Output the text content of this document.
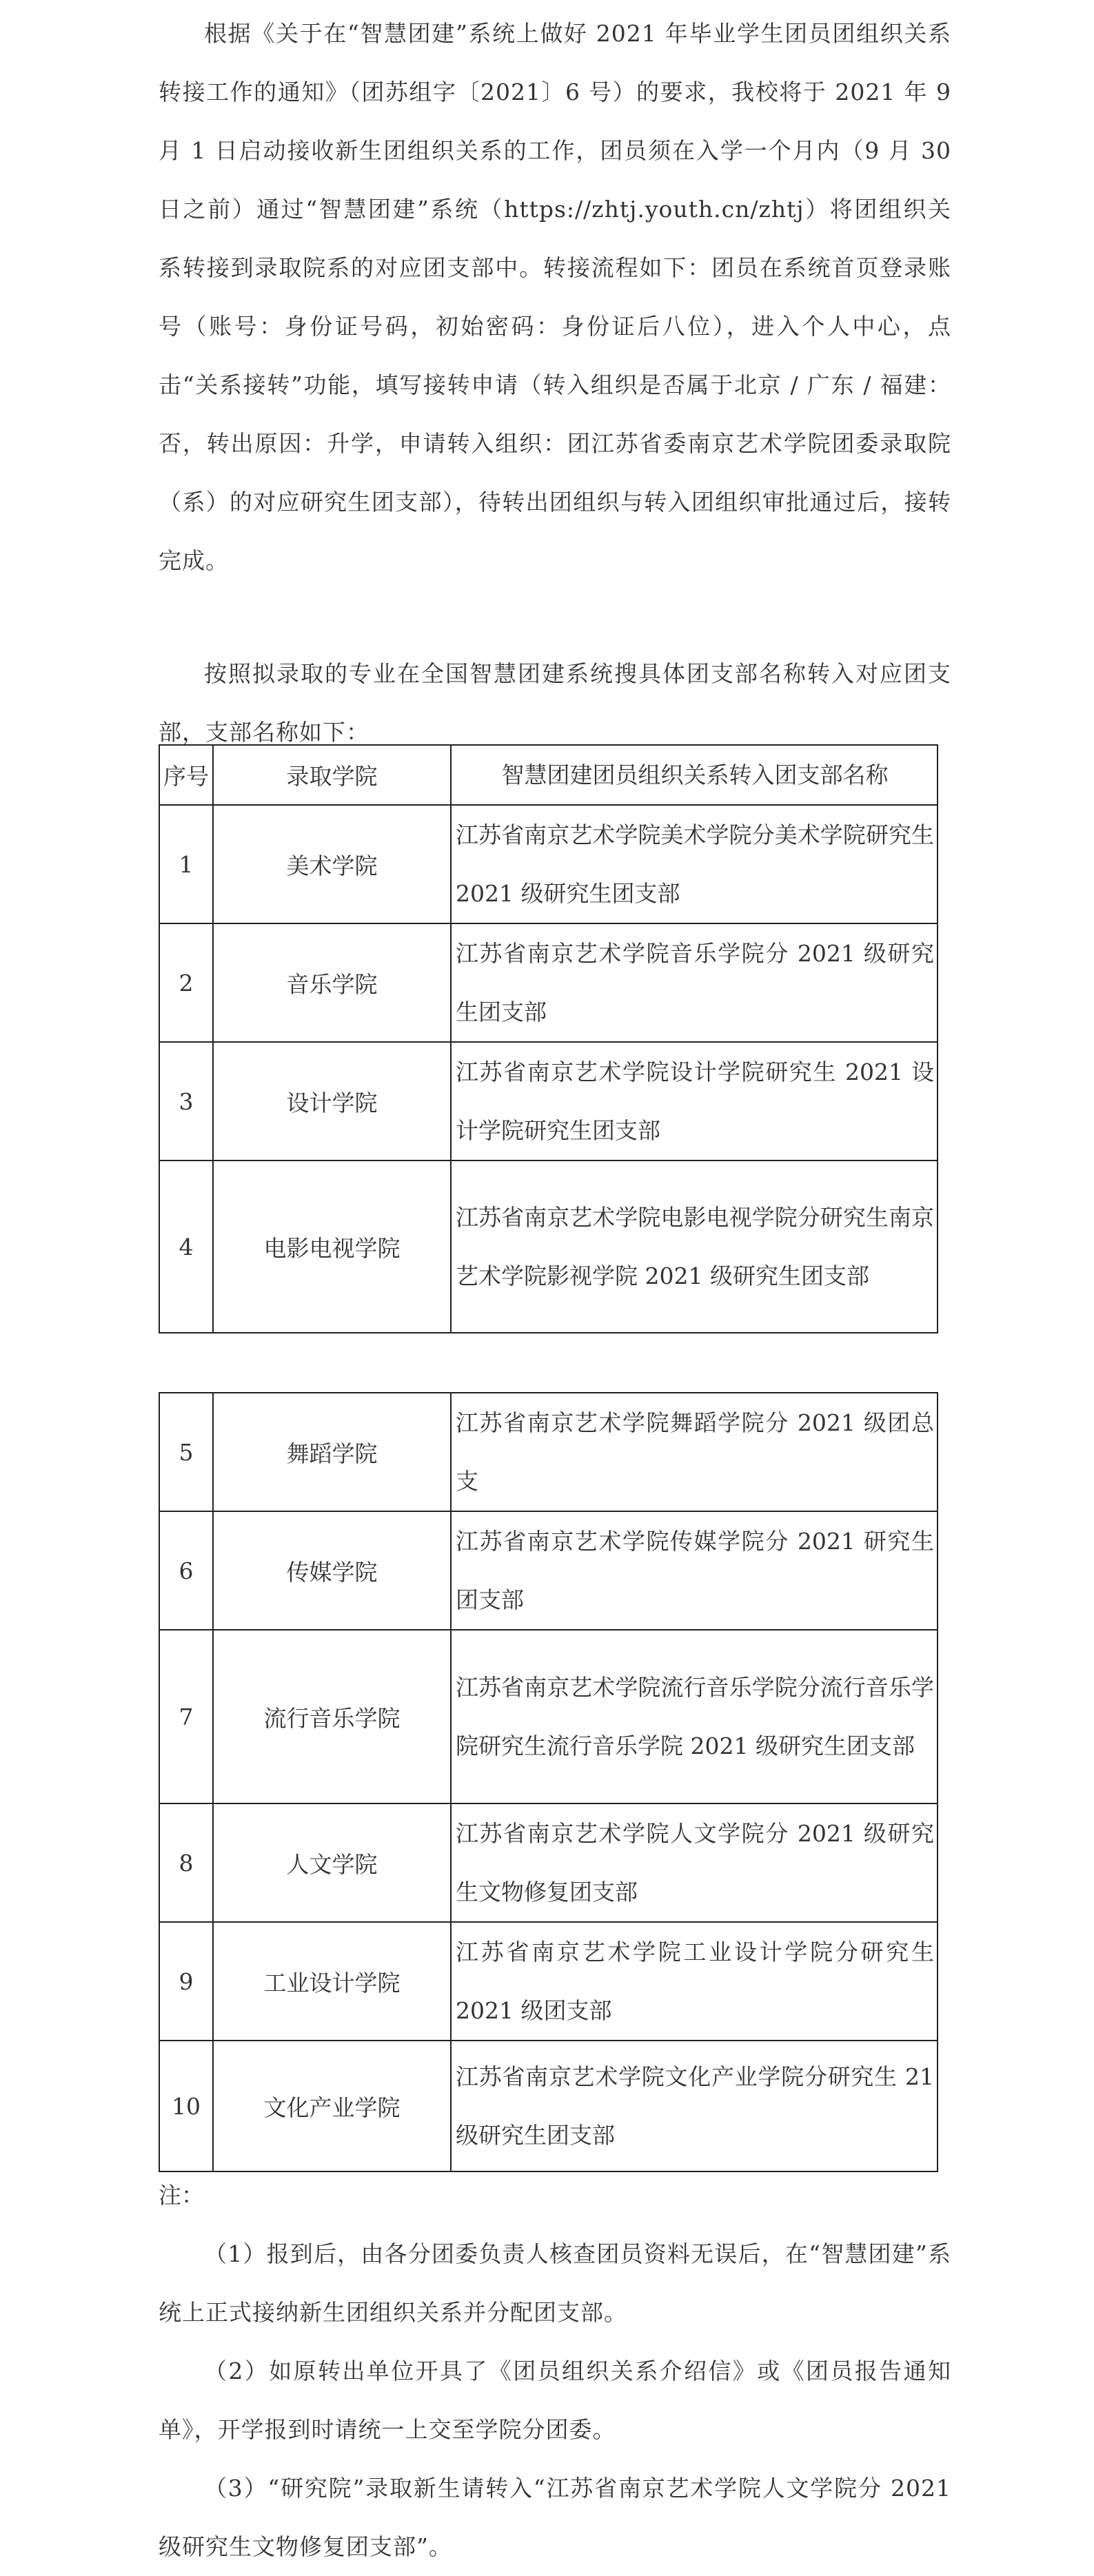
根据《关于在“智慧团建”系统上做好 2021 年毕业学生团员团组织关系转接工作的通知》（团苏组字〔2021〕6 号）的要求，我校将于 2021 年 9 月 1 日启动接收新生团组织关系的工作，团员须在入学一个月内（9 月 30 日之前）通过“智慧团建”系统（https://zhtj.youth.cn/zhtj）将团组织关系转接到录取院系的对应团支部中。转接流程如下：团员在系统首页登录账号（账号：身份证号码，初始密码：身份证后八位），进入个人中心，点击“关系接转”功能，填写接转申请（转入组织是否属于北京 / 广东 / 福建：否，转出原因：升学，申请转入组织：团江苏省委南京艺术学院团委录取院（系）的对应研究生团支部），待转出团组织与转入团组织审批通过后，接转完成。

按照拟录取的专业在全国智慧团建系统搜具体团支部名称转入对应团支部，支部名称如下：

序号	录取学院	智慧团建团员组织关系转入团支部名称
1	美术学院	江苏省南京艺术学院美术学院分美术学院研究生 2021 级研究生团支部
2	音乐学院	江苏省南京艺术学院音乐学院分 2021 级研究生团支部
3	设计学院	江苏省南京艺术学院设计学院研究生 2021 设计学院研究生团支部
4	电影电视学院	江苏省南京艺术学院电影电视学院分研究生南京艺术学院影视学院 2021 级研究生团支部
5	舞蹈学院	江苏省南京艺术学院舞蹈学院分 2021 级团总支
6	传媒学院	江苏省南京艺术学院传媒学院分 2021 研究生团支部
7	流行音乐学院	江苏省南京艺术学院流行音乐学院分流行音乐学院研究生流行音乐学院 2021 级研究生团支部
8	人文学院	江苏省南京艺术学院人文学院分 2021 级研究生文物修复团支部
9	工业设计学院	江苏省南京艺术学院工业设计学院分研究生 2021 级团支部
10	文化产业学院	江苏省南京艺术学院文化产业学院分研究生 21 级研究生团支部

注：

（1）报到后，由各分团委负责人核查团员资料无误后，在“智慧团建”系统上正式接纳新生团组织关系并分配团支部。

（2）如原转出单位开具了《团员组织关系介绍信》或《团员报告通知单》，开学报到时请统一上交至学院分团委。

（3）“研究院”录取新生请转入“江苏省南京艺术学院人文学院分 2021 级研究生文物修复团支部”。
